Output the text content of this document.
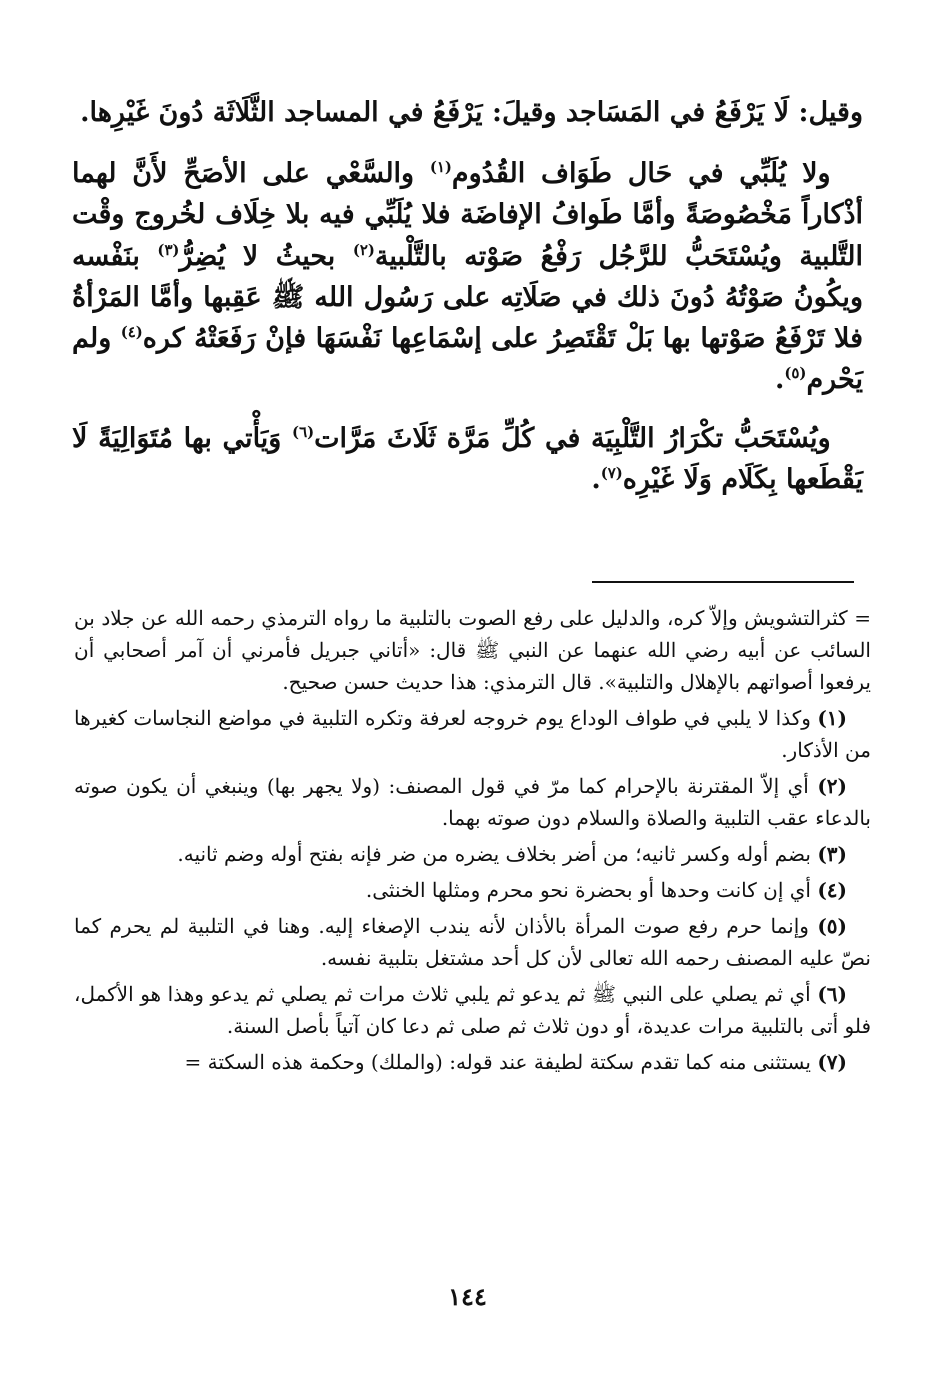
وقيل: لَا يَرْفَعُ في المَسَاجد وقيلَ: يَرْفَعُ في المساجد الثَّلَاثَة دُونَ غَيْرِها.

ولا يُلَبِّي في حَال طَوَاف القُدُوم$^{(١)}$ والسَّعْي على الأصَحِّ لأَنَّ لهما أذْكاراً مَخْصُوصَةً وأمَّا طَوافُ الإفاضَة فلا يُلَبِّي فيه بلا خِلَاف لخُروج وقْت التَّلبية ويُسْتَحَبُّ للرَّجُل رَفْعُ صَوْته بالتَّلْبية$^{(٢)}$ بحيثُ لا يُضِرُّ$^{(٣)}$ بنَفْسه ويكُونُ صَوْتُهُ دُونَ ذلك في صَلَاتِه على رَسُول الله ﷺ عَقِبها وأمَّا المَرْأةُ فلا تَرْفَعُ صَوْتها بها بَلْ تَقْتَصِرُ على إسْمَاعِها نَفْسَهَا فإنْ رَفَعَتْهُ كره$^{(٤)}$ ولم يَحْرم$^{(٥)}$.

ويُسْتَحَبُّ تكْرَارُ التَّلْبِيَة في كُلِّ مَرَّة ثَلَاثَ مَرَّات$^{(٦)}$ وَيَأْتي بها مُتَوَالِيَةً لَا يَقْطَعها بِكَلَام وَلَا غَيْرِه$^{(٧)}$.

= كثرالتشويش وإلاّ كره، والدليل على رفع الصوت بالتلبية ما رواه الترمذي رحمه الله عن جلاد بن السائب عن أبيه رضي الله عنهما عن النبي ﷺ قال: «أتاني جبريل فأمرني أن آمر أصحابي أن يرفعوا أصواتهم بالإهلال والتلبية». قال الترمذي: هذا حديث حسن صحيح.

(١) وكذا لا يلبي في طواف الوداع يوم خروجه لعرفة وتكره التلبية في مواضع النجاسات كغيرها من الأذكار.

(٢) أي إلاّ المقترنة بالإحرام كما مرّ في قول المصنف: (ولا يجهر بها) وينبغي أن يكون صوته بالدعاء عقب التلبية والصلاة والسلام دون صوته بهما.

(٣) بضم أوله وكسر ثانيه؛ من أضر بخلاف يضره من ضر فإنه بفتح أوله وضم ثانيه.

(٤) أي إن كانت وحدها أو بحضرة نحو محرم ومثلها الخنثى.

(٥) وإنما حرم رفع صوت المرأة بالأذان لأنه يندب الإصغاء إليه. وهنا في التلبية لم يحرم كما نصّ عليه المصنف رحمه الله تعالى لأن كل أحد مشتغل بتلبية نفسه.

(٦) أي ثم يصلي على النبي ﷺ ثم يدعو ثم يلبي ثلاث مرات ثم يصلي ثم يدعو وهذا هو الأكمل، فلو أتى بالتلبية مرات عديدة، أو دون ثلاث ثم صلى ثم دعا كان آتياً بأصل السنة.

(٧) يستثنى منه كما تقدم سكتة لطيفة عند قوله: (والملك) وحكمة هذه السكتة =

١٤٤
